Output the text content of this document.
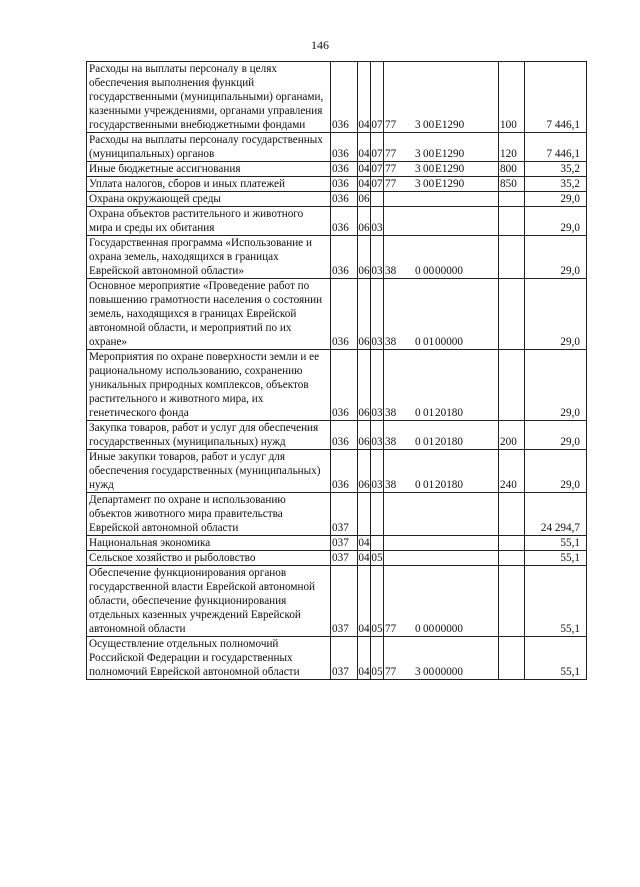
146
Расходы на выплаты персоналу в целях обеспечения выполнения функций государственными (муниципальными) органами, казенными учреждениями, органами управления государственными внебюджетными фондами	036	04	07	77 3 00E1290	100	7 446,1
Расходы на выплаты персоналу государственных (муниципальных) органов	036	04	07	77 3 00E1290	120	7 446,1
Иные бюджетные ассигнования	036	04	07	77 3 00E1290	800	35,2
Уплата налогов, сборов и иных платежей	036	04	07	77 3 00E1290	850	35,2
Охрана окружающей среды	036	06				29,0
Охрана объектов растительного и животного мира и среды их обитания	036	06	03			29,0
Государственная программа «Использование и охрана земель, находящихся в границах Еврейской автономной области»	036	06	03	38 0 0000000		29,0
Основное мероприятие «Проведение работ по повышению грамотности населения о состоянии земель, находящихся в границах Еврейской автономной области, и мероприятий по их охране»	036	06	03	38 0 0100000		29,0
Мероприятия по охране поверхности земли и ее рациональному использованию, сохранению уникальных природных комплексов, объектов растительного и животного мира, их генетического фонда	036	06	03	38 0 0120180		29,0
Закупка товаров, работ и услуг для обеспечения государственных (муниципальных) нужд	036	06	03	38 0 0120180	200	29,0
Иные закупки товаров, работ и услуг для обеспечения государственных (муниципальных) нужд	036	06	03	38 0 0120180	240	29,0
Департамент по охране и использованию объектов животного мира правительства Еврейской автономной области	037					24 294,7
Национальная экономика	037	04				55,1
Сельское хозяйство и рыболовство	037	04	05			55,1
Обеспечение функционирования органов государственной власти Еврейской автономной области, обеспечение функционирования отдельных казенных учреждений Еврейской автономной области	037	04	05	77 0 0000000		55,1
Осуществление отдельных полномочий Российской Федерации и государственных полномочий Еврейской автономной области	037	04	05	77 3 0000000		55,1
